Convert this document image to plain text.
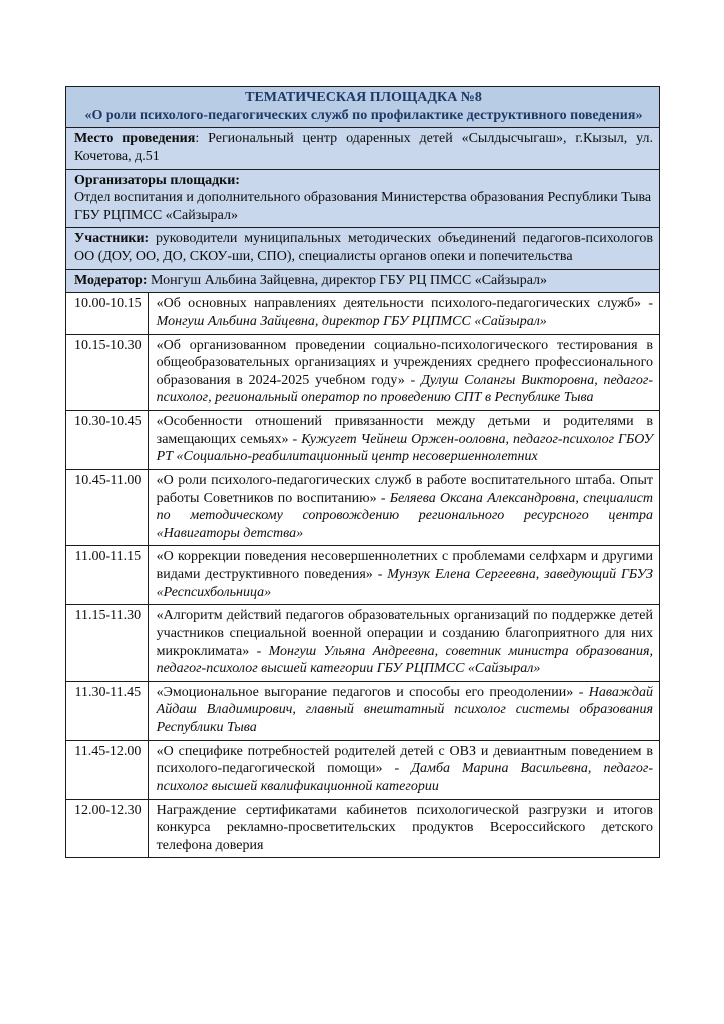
ТЕМАТИЧЕСКАЯ ПЛОЩАДКА №8
«О роли психолого-педагогических служб по профилактике деструктивного поведения»	

Место проведения: Региональный центр одаренных детей «Сылдысчыгаш», г.Кызыл, ул. Кочетова, д.51	

Организаторы площадки:
Отдел воспитания и дополнительного образования Министерства образования Республики Тыва
ГБУ РЦПМСС «Сайзырал»	

Участники: руководители муниципальных методических объединений педагогов-психологов ОО (ДОУ, ОО, ДО, СКОУ-ши, СПО), специалисты органов опеки и попечительства	
Модератор: Монгуш Альбина Зайцевна, директор ГБУ РЦ ПМСС «Сайзырал»	
10.00-10.15	«Об основных направлениях деятельности психолого-педагогических служб» - Монгуш Альбина Зайцевна, директор ГБУ РЦПМСС «Сайзырал»
10.15-10.30	«Об организованном проведении социально-психологического тестирования в общеобразовательных организациях и учреждениях среднего профессионального образования в 2024-2025 учебном году» - Дулуш Солангы Викторовна, педагог-психолог, региональный оператор по проведению СПТ в Республике Тыва
10.30-10.45	«Особенности отношений привязанности между детьми и родителями в замещающих семьях» - Кужугет Чейнеш Оржен-ооловна, педагог-психолог ГБОУ РТ «Социально-реабилитационный центр несовершеннолетних
10.45-11.00	«О роли психолого-педагогических служб в работе воспитательного штаба. Опыт работы Советников по воспитанию» - Беляева Оксана Александровна, специалист по методическому сопровождению регионального ресурсного центра «Навигаторы детства»
11.00-11.15	«О коррекции поведения несовершеннолетних с проблемами селфхарм и другими видами деструктивного поведения» - Мунзук Елена Сергеевна, заведующий ГБУЗ «Респсихбольница»
11.15-11.30	«Алгоритм действий педагогов образовательных организаций по поддержке детей участников специальной военной операции и созданию благоприятного для них микроклимата» - Монгуш Ульяна Андреевна, советник министра образования, педагог-психолог высшей категории ГБУ РЦПМСС «Сайзырал»
11.30-11.45	«Эмоциональное выгорание педагогов и способы его преодолении» - Наваждай Айдаш Владимирович, главный внештатный психолог системы образования Республики Тыва
11.45-12.00	«О специфике потребностей родителей детей с ОВЗ и девиантным поведением в психолого-педагогической помощи» - Дамба Марина Васильевна, педагог-психолог высшей квалификационной категории
12.00-12.30	Награждение сертификатами кабинетов психологической разгрузки и итогов конкурса рекламно-просветительских продуктов Всероссийского детского телефона доверия
